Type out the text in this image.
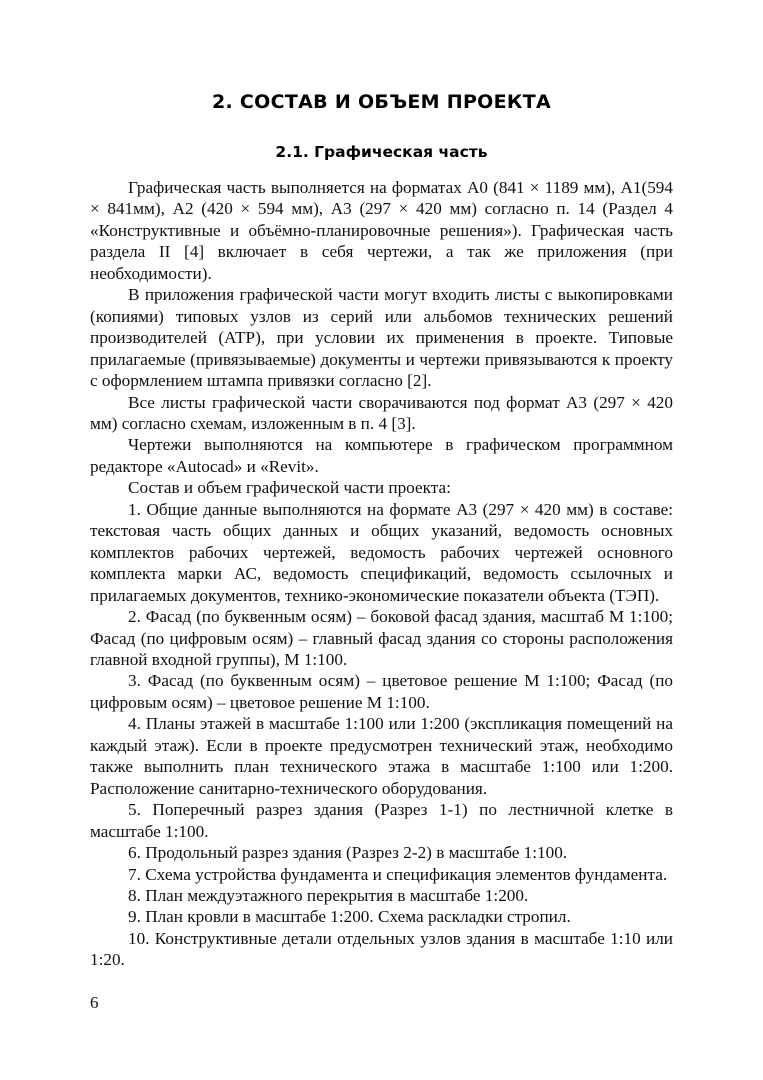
2. СОСТАВ И ОБЪЕМ ПРОЕКТА
2.1. Графическая часть

Графическая часть выполняется на форматах А0 (841 × 1189 мм), А1(594 × 841мм), А2 (420 × 594 мм), А3 (297 × 420 мм) согласно п. 14 (Раздел 4 «Конструктивные и объёмно-планировочные решения»). Графическая часть раздела II [4] включает в себя чертежи, а так же приложения (при необходимости).

В приложения графической части могут входить листы с выкопировками (копиями) типовых узлов из серий или альбомов технических решений производителей (АТР), при условии их применения в проекте. Типовые прилагаемые (привязываемые) документы и чертежи привязываются к проекту с оформлением штампа привязки согласно [2].

Все листы графической части сворачиваются под формат А3 (297 × 420 мм) согласно схемам, изложенным в п. 4 [3].

Чертежи выполняются на компьютере в графическом программном редакторе «Autocad» и «Revit».

Состав и объем графической части проекта:

1. Общие данные выполняются на формате А3 (297 × 420 мм) в составе: текстовая часть общих данных и общих указаний, ведомость основных комплектов рабочих чертежей, ведомость рабочих чертежей основного комплекта марки АС, ведомость спецификаций, ведомость ссылочных и прилагаемых документов, технико-экономические показатели объекта (ТЭП).

2. Фасад (по буквенным осям) – боковой фасад здания, масштаб М 1:100; Фасад (по цифровым осям) – главный фасад здания со стороны расположения главной входной группы), М 1:100.

3. Фасад (по буквенным осям) – цветовое решение М 1:100; Фасад (по цифровым осям) – цветовое решение М 1:100.

4. Планы этажей в масштабе 1:100 или 1:200 (экспликация помещений на каждый этаж). Если в проекте предусмотрен технический этаж, необходимо также выполнить план технического этажа в масштабе 1:100 или 1:200. Расположение санитарно-технического оборудования.

5. Поперечный разрез здания (Разрез 1-1) по лестничной клетке в масштабе 1:100.

6. Продольный разрез здания (Разрез 2-2) в масштабе 1:100.

7. Схема устройства фундамента и спецификация элементов фундамента.

8. План междуэтажного перекрытия в масштабе 1:200.

9. План кровли в масштабе 1:200. Схема раскладки стропил.

10. Конструктивные детали отдельных узлов здания в масштабе 1:10 или 1:20.

6
